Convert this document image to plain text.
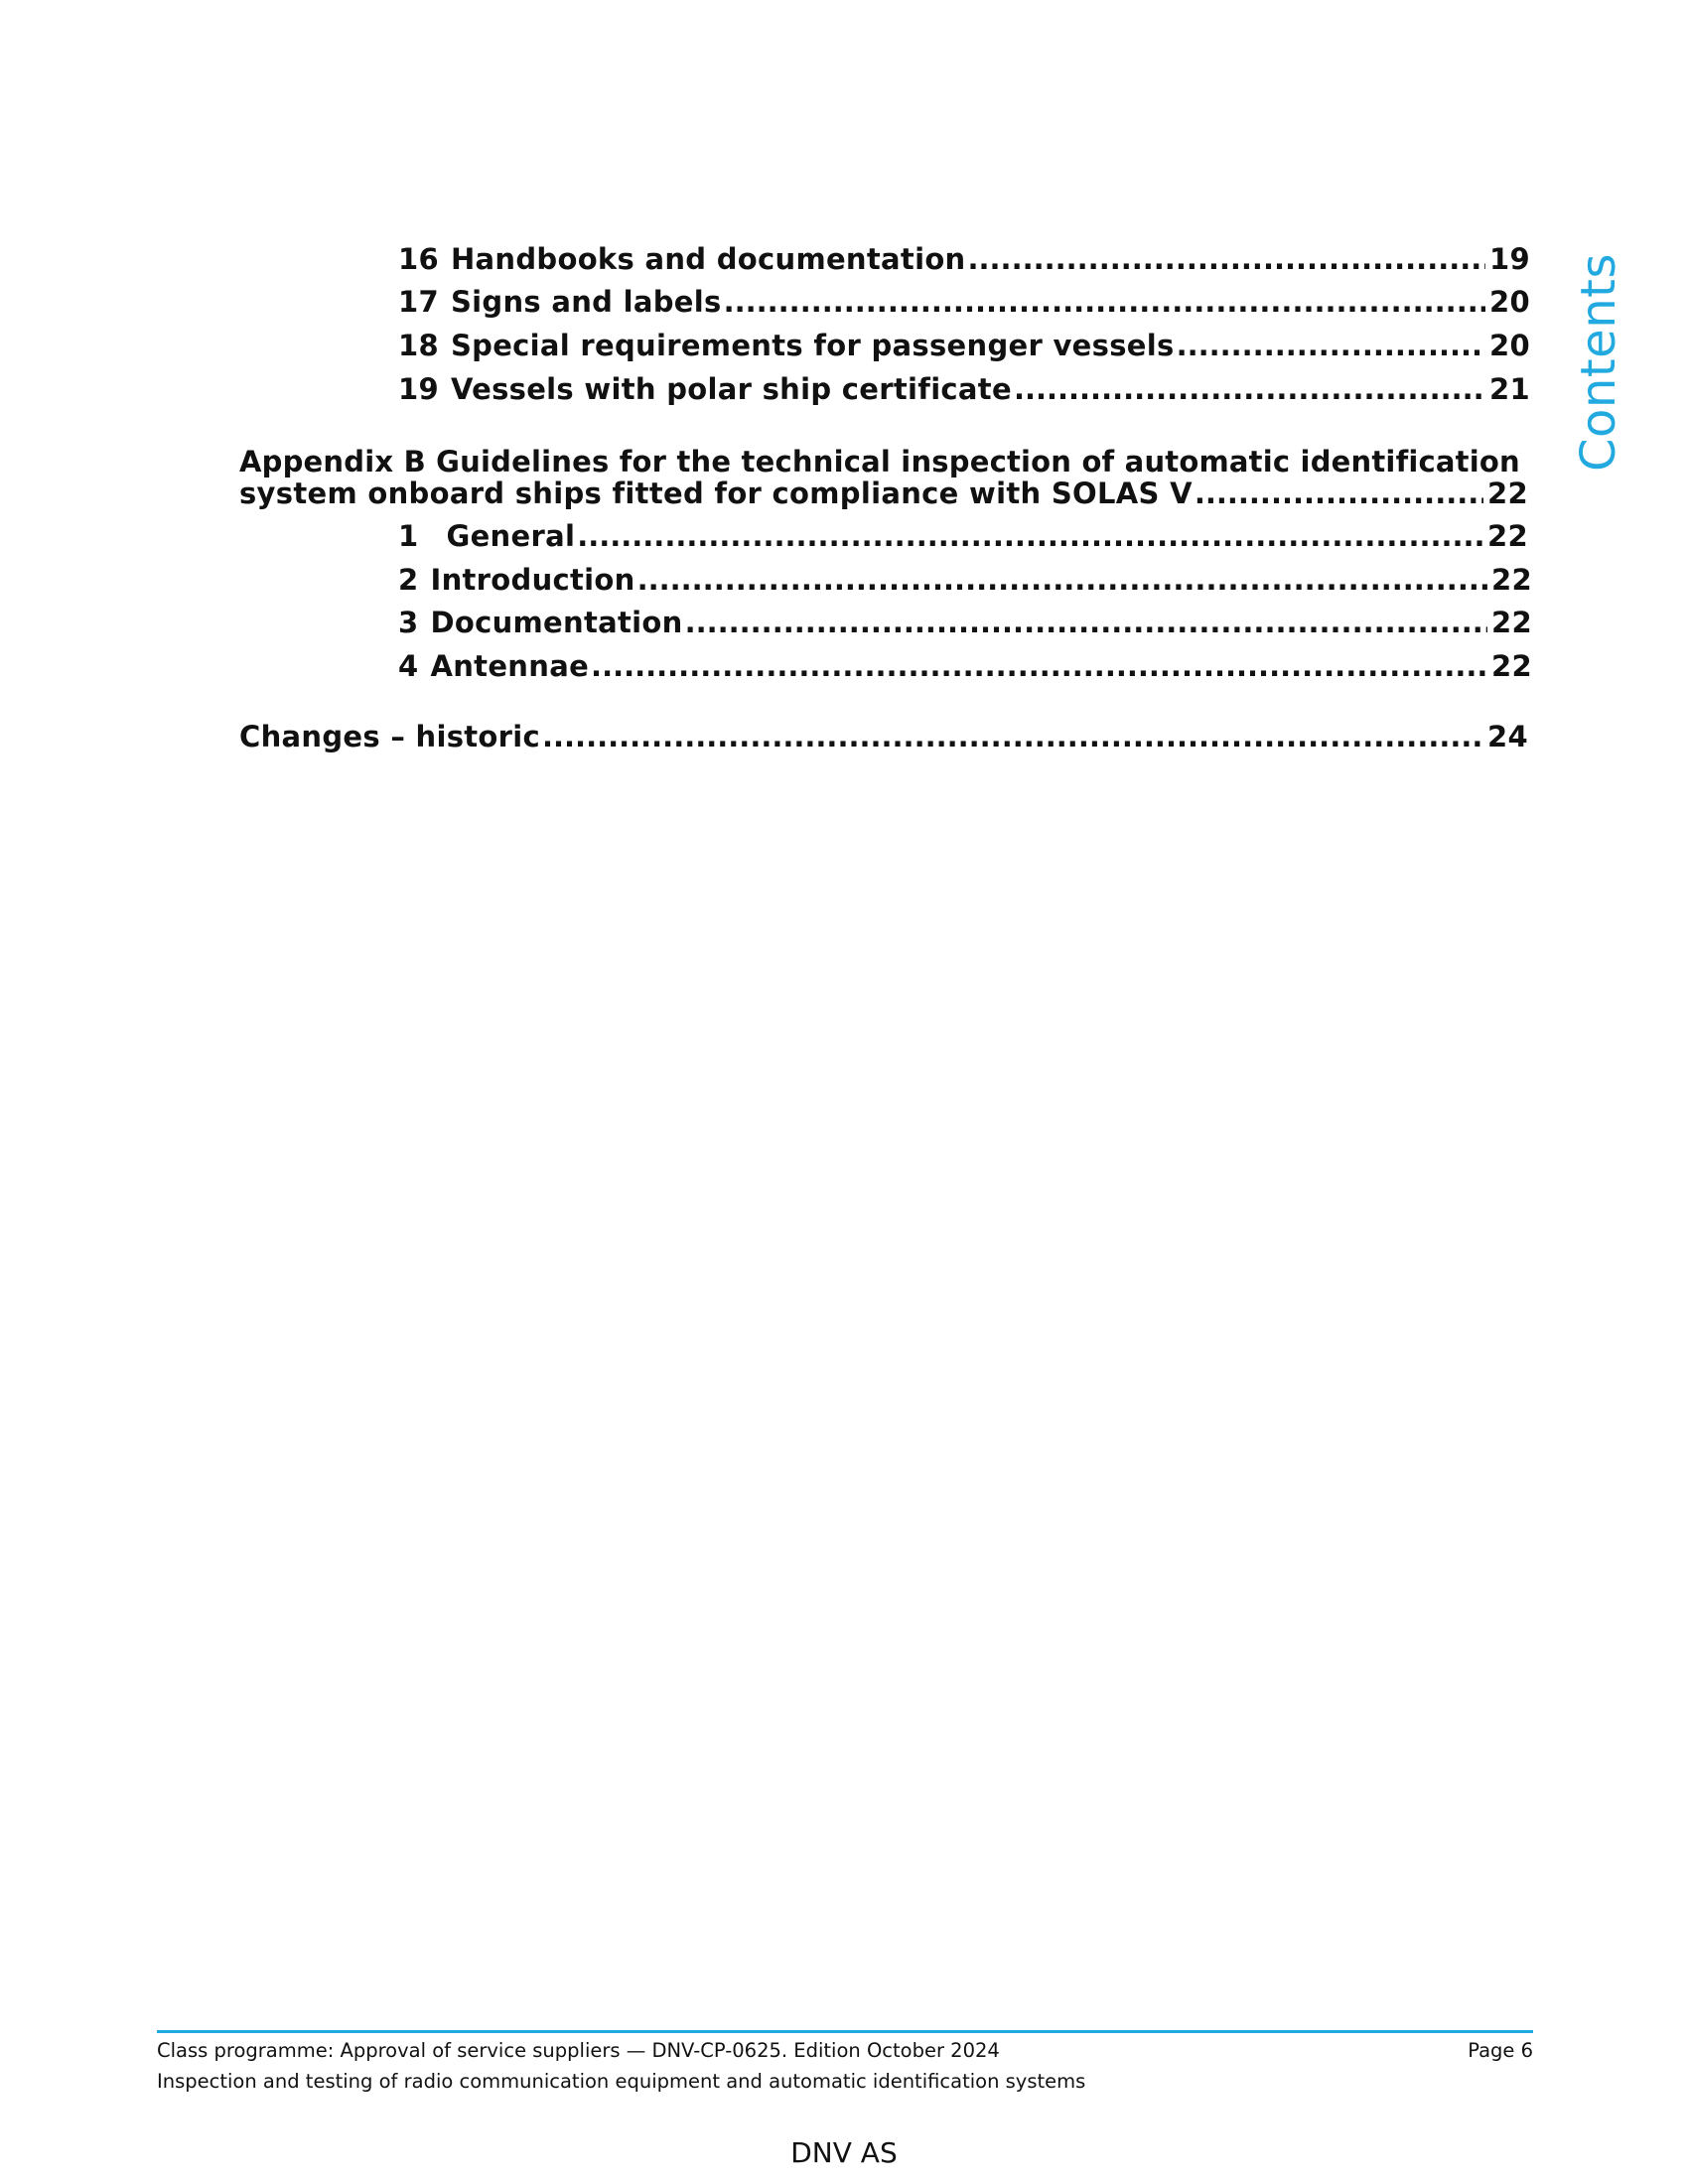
16 Handbooks and documentation .....	19
17 Signs and labels .....	20
18 Special requirements for passenger vessels .....	20
19 Vessels with polar ship certificate .....	21
Appendix B Guidelines for the technical inspection of automatic identification
system onboard ships fitted for compliance with SOLAS V .....	22
1 General .....	22
2 Introduction .....	22
3 Documentation .....	22
4 Antennae .....	22
Changes – historic .....	24
Contents
Class programme: Approval of service suppliers — DNV-CP-0625. Edition October 2024	Page 6
Inspection and testing of radio communication equipment and automatic identification systems
DNV AS
